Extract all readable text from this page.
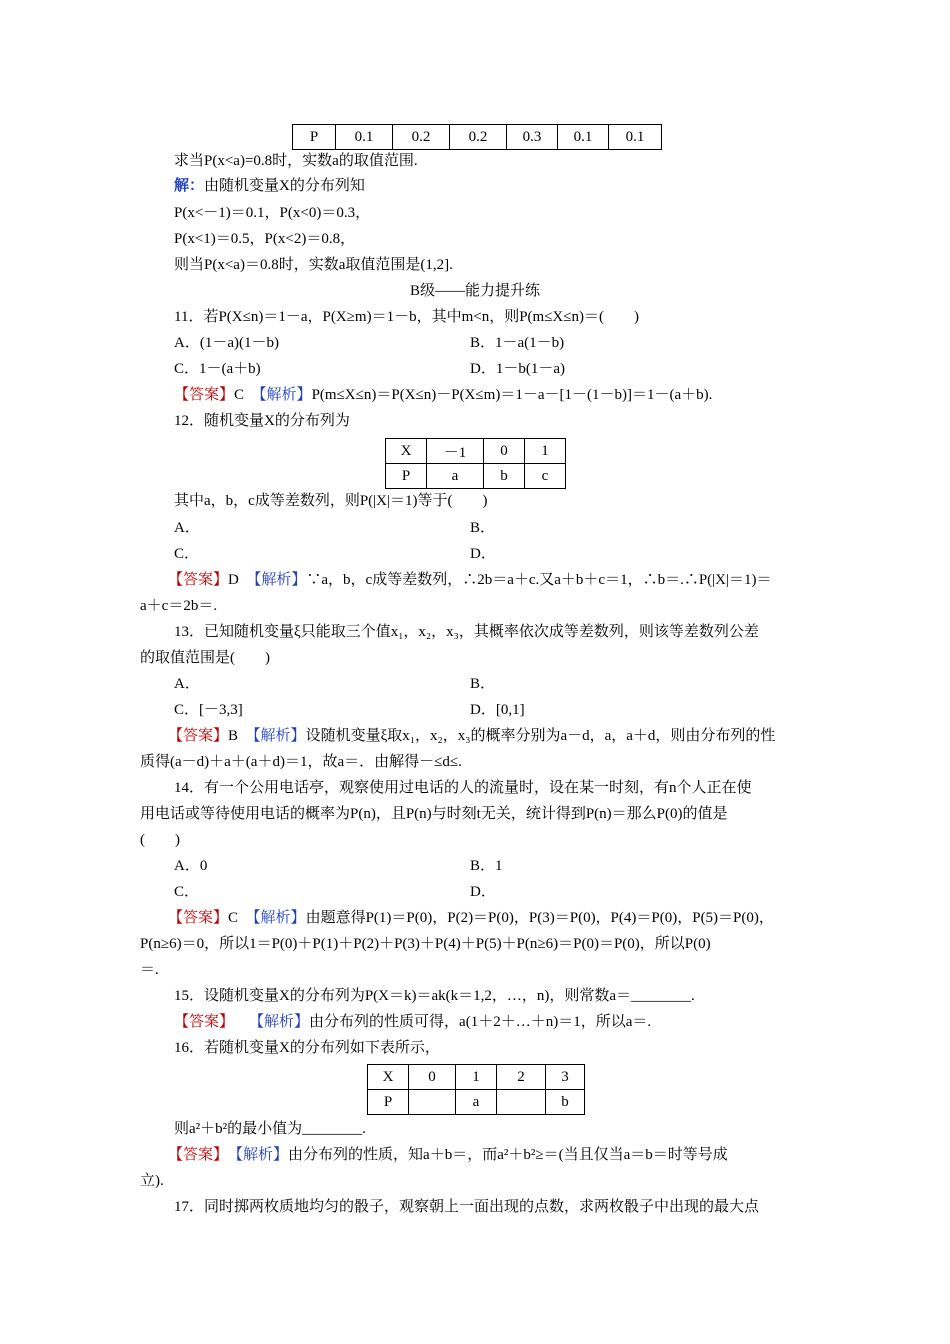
P	0.1	0.2	0.2	0.3	0.1	0.1
求当P(x<a)=0.8时，实数a的取值范围.
解：由随机变量X的分布列知
P(x<－1)＝0.1，P(x<0)＝0.3，
P(x<1)＝0.5，P(x<2)＝0.8，
则当P(x<a)＝0.8时，实数a取值范围是(1,2].
B级——能力提升练
11．若P(X≤n)＝1－a，P(X≥m)＝1－b，其中m<n，则P(m≤X≤n)＝(　　)
A．(1－a)(1－b)	B．1－a(1－b)
C．1－(a＋b)	D．1－b(1－a)
【答案】C　 【解析】P(m≤X≤n)＝P(X≤n)－P(X≤m)＝1－a－[1－(1－b)]＝1－(a＋b).
12．随机变量X的分布列为
X	－1	0	1
P	a	b	c
其中a，b，c成等差数列，则P(|X|＝1)等于(　　)
A．	B．
C．	D．
【答案】D　 【解析】∵a，b，c成等差数列，∴2b＝a＋c.又a＋b＋c＝1，∴b＝.∴P(|X|＝1)＝
a＋c＝2b＝.
13．已知随机变量ξ只能取三个值x₁，x₂，x₃，其概率依次成等差数列，则该等差数列公差
的取值范围是(　　)
A．	B．
C．[－3,3]	D．[0,1]
【答案】B　 【解析】设随机变量ξ取x₁，x₂，x₃的概率分别为a－d，a，a＋d，则由分布列的性
质得(a－d)＋a＋(a＋d)＝1，故a＝．由解得－≤d≤.
14．有一个公用电话亭，观察使用过电话的人的流量时，设在某一时刻，有n个人正在使
用电话或等待使用电话的概率为P(n)，且P(n)与时刻t无关，统计得到P(n)＝那么P(0)的值是
(　　)
A．0	B．1
C．	D．
【答案】C　 【解析】由题意得P(1)＝P(0)，P(2)＝P(0)，P(3)＝P(0)，P(4)＝P(0)，P(5)＝P(0)，
P(n≥6)＝0，所以1＝P(0)＋P(1)＋P(2)＋P(3)＋P(4)＋P(5)＋P(n≥6)＝P(0)＝P(0)，所以P(0)
＝.
15．设随机变量X的分布列为P(X＝k)＝ak(k＝1,2，…，n)，则常数a＝________.
【答案】　　 【解析】由分布列的性质可得，a(1＋2＋…＋n)＝1，所以a＝.
16．若随机变量X的分布列如下表所示，
X	0	1	2	3
P		a		b
则a²＋b²的最小值为________.
【答案】　 【解析】由分布列的性质，知a＋b＝，而a²＋b²≥＝(当且仅当a＝b＝时等号成
立).
17．同时掷两枚质地均匀的骰子，观察朝上一面出现的点数，求两枚骰子中出现的最大点
